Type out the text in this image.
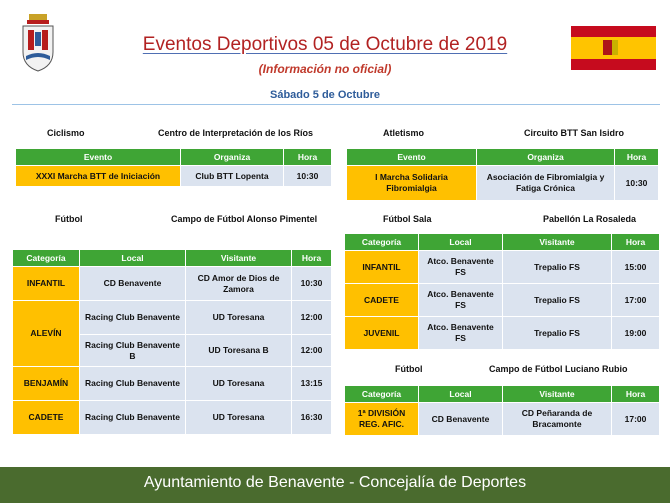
Eventos Deportivos 05 de Octubre de 2019
(Información no oficial)
Sábado 5 de Octubre
Ciclismo	Centro de Interpretación de los Ríos
Evento	Organiza	Hora
XXXI Marcha BTT de Iniciación	Club BTT Lopenta	10:30
Atletismo	Circuito BTT San Isidro
Evento	Organiza	Hora
I Marcha Solidaria Fibromialgia	Asociación de Fibromialgia y Fatiga Crónica	10:30
Fútbol	Campo de Fútbol Alonso Pimentel
Categoría	Local	Visitante	Hora
INFANTIL	CD Benavente	CD Amor de Dios de Zamora	10:30
ALEVÍN	Racing Club Benavente	UD Toresana	12:00
	Racing Club Benavente B	UD Toresana B	12:00
BENJAMÍN	Racing Club Benavente	UD Toresana	13:15
CADETE	Racing Club Benavente	UD Toresana	16:30
Fútbol Sala	Pabellón La Rosaleda
Categoría	Local	Visitante	Hora
INFANTIL	Atco. Benavente FS	Trepalio FS	15:00
CADETE	Atco. Benavente FS	Trepalio FS	17:00
JUVENIL	Atco. Benavente FS	Trepalio FS	19:00
Fútbol	Campo de Fútbol Luciano Rubio
Categoría	Local	Visitante	Hora
1ª DIVISIÓN REG. AFIC.	CD Benavente	CD Peñaranda de Bracamonte	17:00
Ayuntamiento de Benavente - Concejalía de Deportes
